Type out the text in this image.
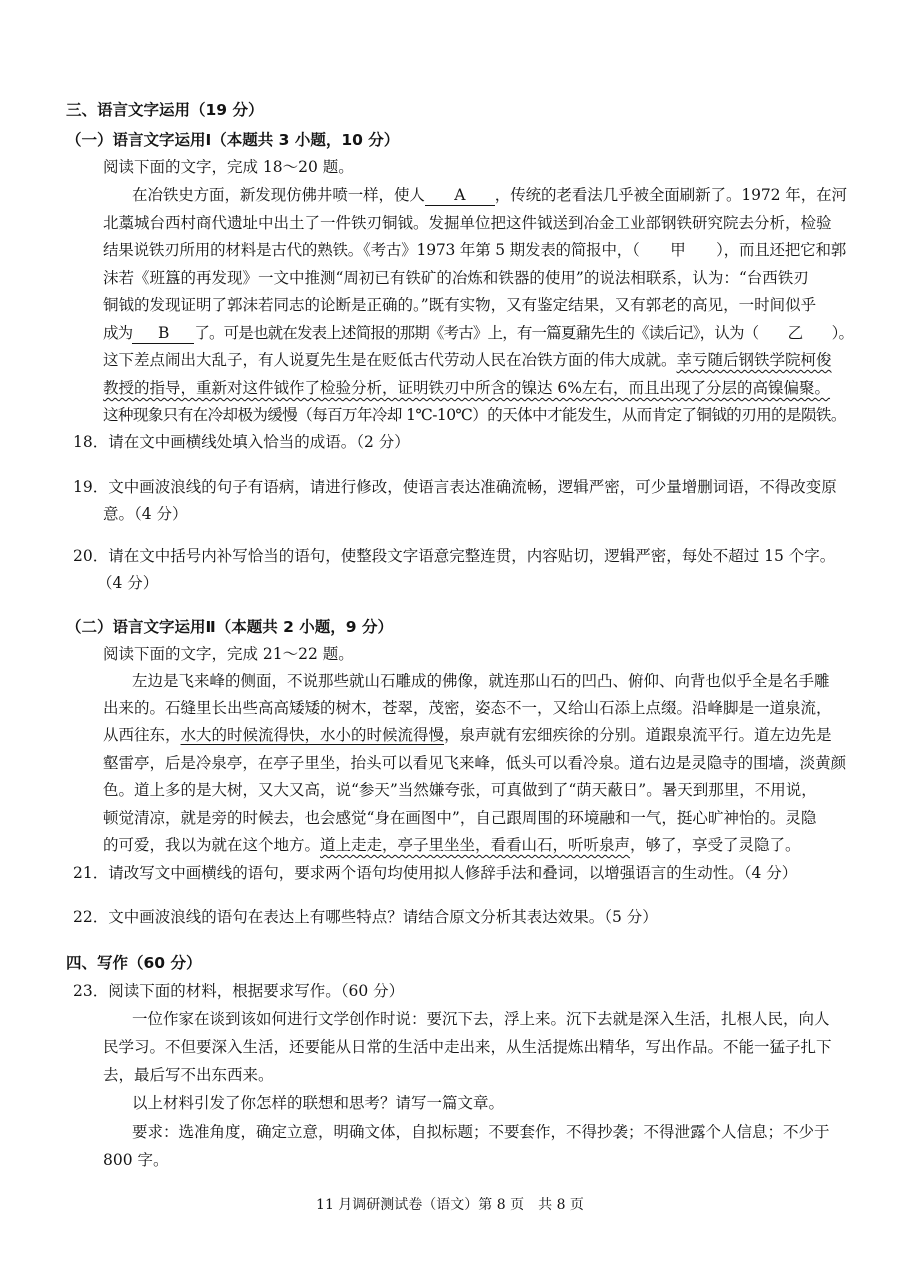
三、语言文字运用（19 分）
（一）语言文字运用Ⅰ（本题共 3 小题，10 分）
阅读下面的文字，完成 18～20 题。
在冶铁史方面，新发现仿佛井喷一样，使人 A ，传统的老看法几乎被全面刷新了。1972 年，在河
北藁城台西村商代遗址中出土了一件铁刃铜钺。发掘单位把这件钺送到冶金工业部钢铁研究院去分析，检验
结果说铁刃所用的材料是古代的熟铁。《考古》1973 年第 5 期发表的简报中，（　　甲　　），而且还把它和郭
沫若《班簋的再发现》一文中推测“周初已有铁矿的冶炼和铁器的使用”的说法相联系，认为：“台西铁刃
铜钺的发现证明了郭沫若同志的论断是正确的。”既有实物，又有鉴定结果，又有郭老的高见，一时间似乎
成为 B 了。可是也就在发表上述简报的那期《考古》上，有一篇夏鼐先生的《读后记》，认为（　　乙　　）。
这下差点闹出大乱子，有人说夏先生是在贬低古代劳动人民在冶铁方面的伟大成就。幸亏随后钢铁学院柯俊
教授的指导，重新对这件钺作了检验分析，证明铁刃中所含的镍达 6%左右，而且出现了分层的高镍偏聚。
这种现象只有在冷却极为缓慢（每百万年冷却 1℃-10℃）的天体中才能发生，从而肯定了铜钺的刃用的是陨铁。
18．请在文中画横线处填入恰当的成语。（2 分）
19．文中画波浪线的句子有语病，请进行修改，使语言表达准确流畅，逻辑严密，可少量增删词语，不得改变原
意。（4 分）
20．请在文中括号内补写恰当的语句，使整段文字语意完整连贯，内容贴切，逻辑严密，每处不超过 15 个字。
（4 分）
（二）语言文字运用Ⅱ（本题共 2 小题，9 分）
阅读下面的文字，完成 21～22 题。
左边是飞来峰的侧面，不说那些就山石雕成的佛像，就连那山石的凹凸、俯仰、向背也似乎全是名手雕
出来的。石缝里长出些高高矮矮的树木，苍翠，茂密，姿态不一，又给山石添上点缀。沿峰脚是一道泉流，
从西往东，水大的时候流得快，水小的时候流得慢，泉声就有宏细疾徐的分别。道跟泉流平行。道左边先是
壑雷亭，后是冷泉亭，在亭子里坐，抬头可以看见飞来峰，低头可以看冷泉。道右边是灵隐寺的围墙，淡黄颜
色。道上多的是大树，又大又高，说“参天”当然嫌夸张，可真做到了“荫天蔽日”。暑天到那里，不用说，
顿觉清凉，就是旁的时候去，也会感觉“身在画图中”，自己跟周围的环境融和一气，挺心旷神怡的。灵隐
的可爱，我以为就在这个地方。道上走走，亭子里坐坐，看看山石，听听泉声，够了，享受了灵隐了。
21．请改写文中画横线的语句，要求两个语句均使用拟人修辞手法和叠词，以增强语言的生动性。（4 分）
22．文中画波浪线的语句在表达上有哪些特点？请结合原文分析其表达效果。（5 分）
四、写作（60 分）
23．阅读下面的材料，根据要求写作。（60 分）
一位作家在谈到该如何进行文学创作时说：要沉下去，浮上来。沉下去就是深入生活，扎根人民，向人
民学习。不但要深入生活，还要能从日常的生活中走出来，从生活提炼出精华，写出作品。不能一猛子扎下
去，最后写不出东西来。
以上材料引发了你怎样的联想和思考？请写一篇文章。
要求：选准角度，确定立意，明确文体，自拟标题；不要套作，不得抄袭；不得泄露个人信息；不少于
800 字。
11 月调研测试卷（语文）第 8 页　共 8 页
